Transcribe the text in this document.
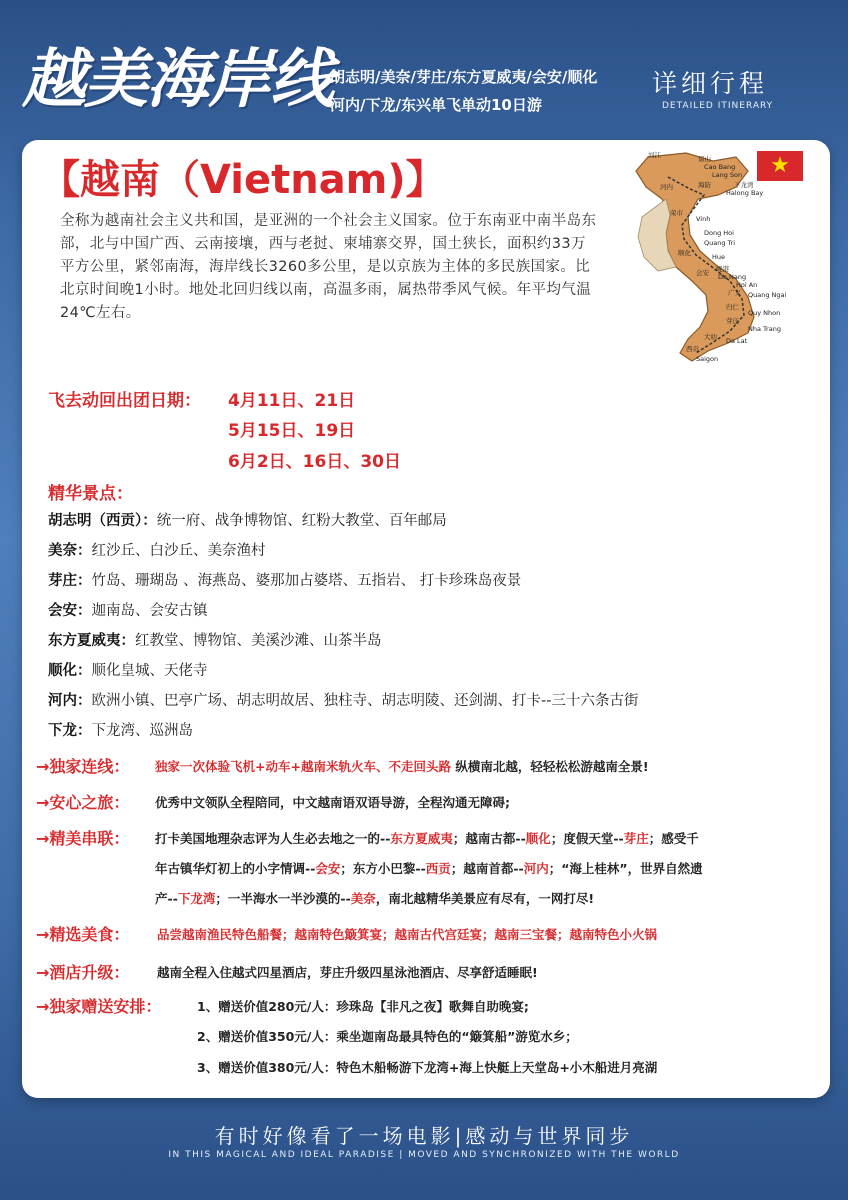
越美海岸线
胡志明/美奈/芽庄/东方夏威夷/会安/顺化
河内/下龙/东兴单飞单动10日游
详细行程
DETAILED ITINERARY
【越南（Vietnam)】
全称为越南社会主义共和国，是亚洲的一个社会主义国家。位于东南亚中南半岛东部，北与中国广西、云南接壤，西与老挝、柬埔寨交界，国土狭长，面积约33万平方公里，紧邻南海，海岸线长3260多公里，是以京族为主体的多民族国家。比北京时间晚1小时。地处北回归线以南，高温多雨，属热带季风气候。年平均气温24℃左右。
河江	谅山
Cao Bang
Lang Son
下龙湾
Halong Bay
河内	海防
荣市
Vinh
Dong Hoi
Quang Tri
顺化	Hue
岘港
Da Nang
会安
Hoi An
广义 Quang Ngai
归仁
Quy Nhon
芽庄
Nha Trang
大叻 Da Lat
西贡
Saigon
★
飞去动回出团日期： 4月11日、21日
5月15日、19日
6月2日、16日、30日
精华景点：
胡志明（西贡）：统一府、战争博物馆、红粉大教堂、百年邮局
美奈：红沙丘、白沙丘、美奈渔村
芽庄：竹岛、珊瑚岛 、海燕岛、婆那加占婆塔、五指岩、 打卡珍珠岛夜景
会安：迦南岛、会安古镇
东方夏威夷：红教堂、博物馆、美溪沙滩、山茶半岛
顺化：顺化皇城、天佬寺
河内：欧洲小镇、巴亭广场、胡志明故居、独柱寺、胡志明陵、还剑湖、打卡--三十六条古街
下龙：下龙湾、巡洲岛
→独家连线： 独家一次体验飞机+动车+越南米轨火车、不走回头路 纵横南北越，轻轻松松游越南全景!
→安心之旅： 优秀中文领队全程陪同，中文越南语双语导游，全程沟通无障碍;
→精美串联： 打卡美国地理杂志评为人生必去地之一的--东方夏威夷；越南古都--顺化；度假天堂--芽庄；感受千
年古镇华灯初上的小字情调--会安；东方小巴黎--西贡；越南首都--河内；“海上桂林”，世界自然遗
产--下龙湾；一半海水一半沙漠的--美奈，南北越精华美景应有尽有，一网打尽!
→精选美食： 品尝越南渔民特色船餐；越南特色簸箕宴；越南古代宫廷宴；越南三宝餐；越南特色小火锅
→酒店升级： 越南全程入住越式四星酒店，芽庄升级四星泳池酒店、尽享舒适睡眠!
→独家赠送安排：	1、赠送价值280元/人：珍珠岛【非凡之夜】歌舞自助晚宴;
2、赠送价值350元/人：乘坐迦南岛最具特色的“簸箕船”游览水乡；
3、赠送价值380元/人：特色木船畅游下龙湾+海上快艇上天堂岛+小木船进月亮湖
有时好像看了一场电影|感动与世界同步
IN THIS MAGICAL AND IDEAL PARADISE | MOVED AND SYNCHRONIZED WITH THE WORLD
